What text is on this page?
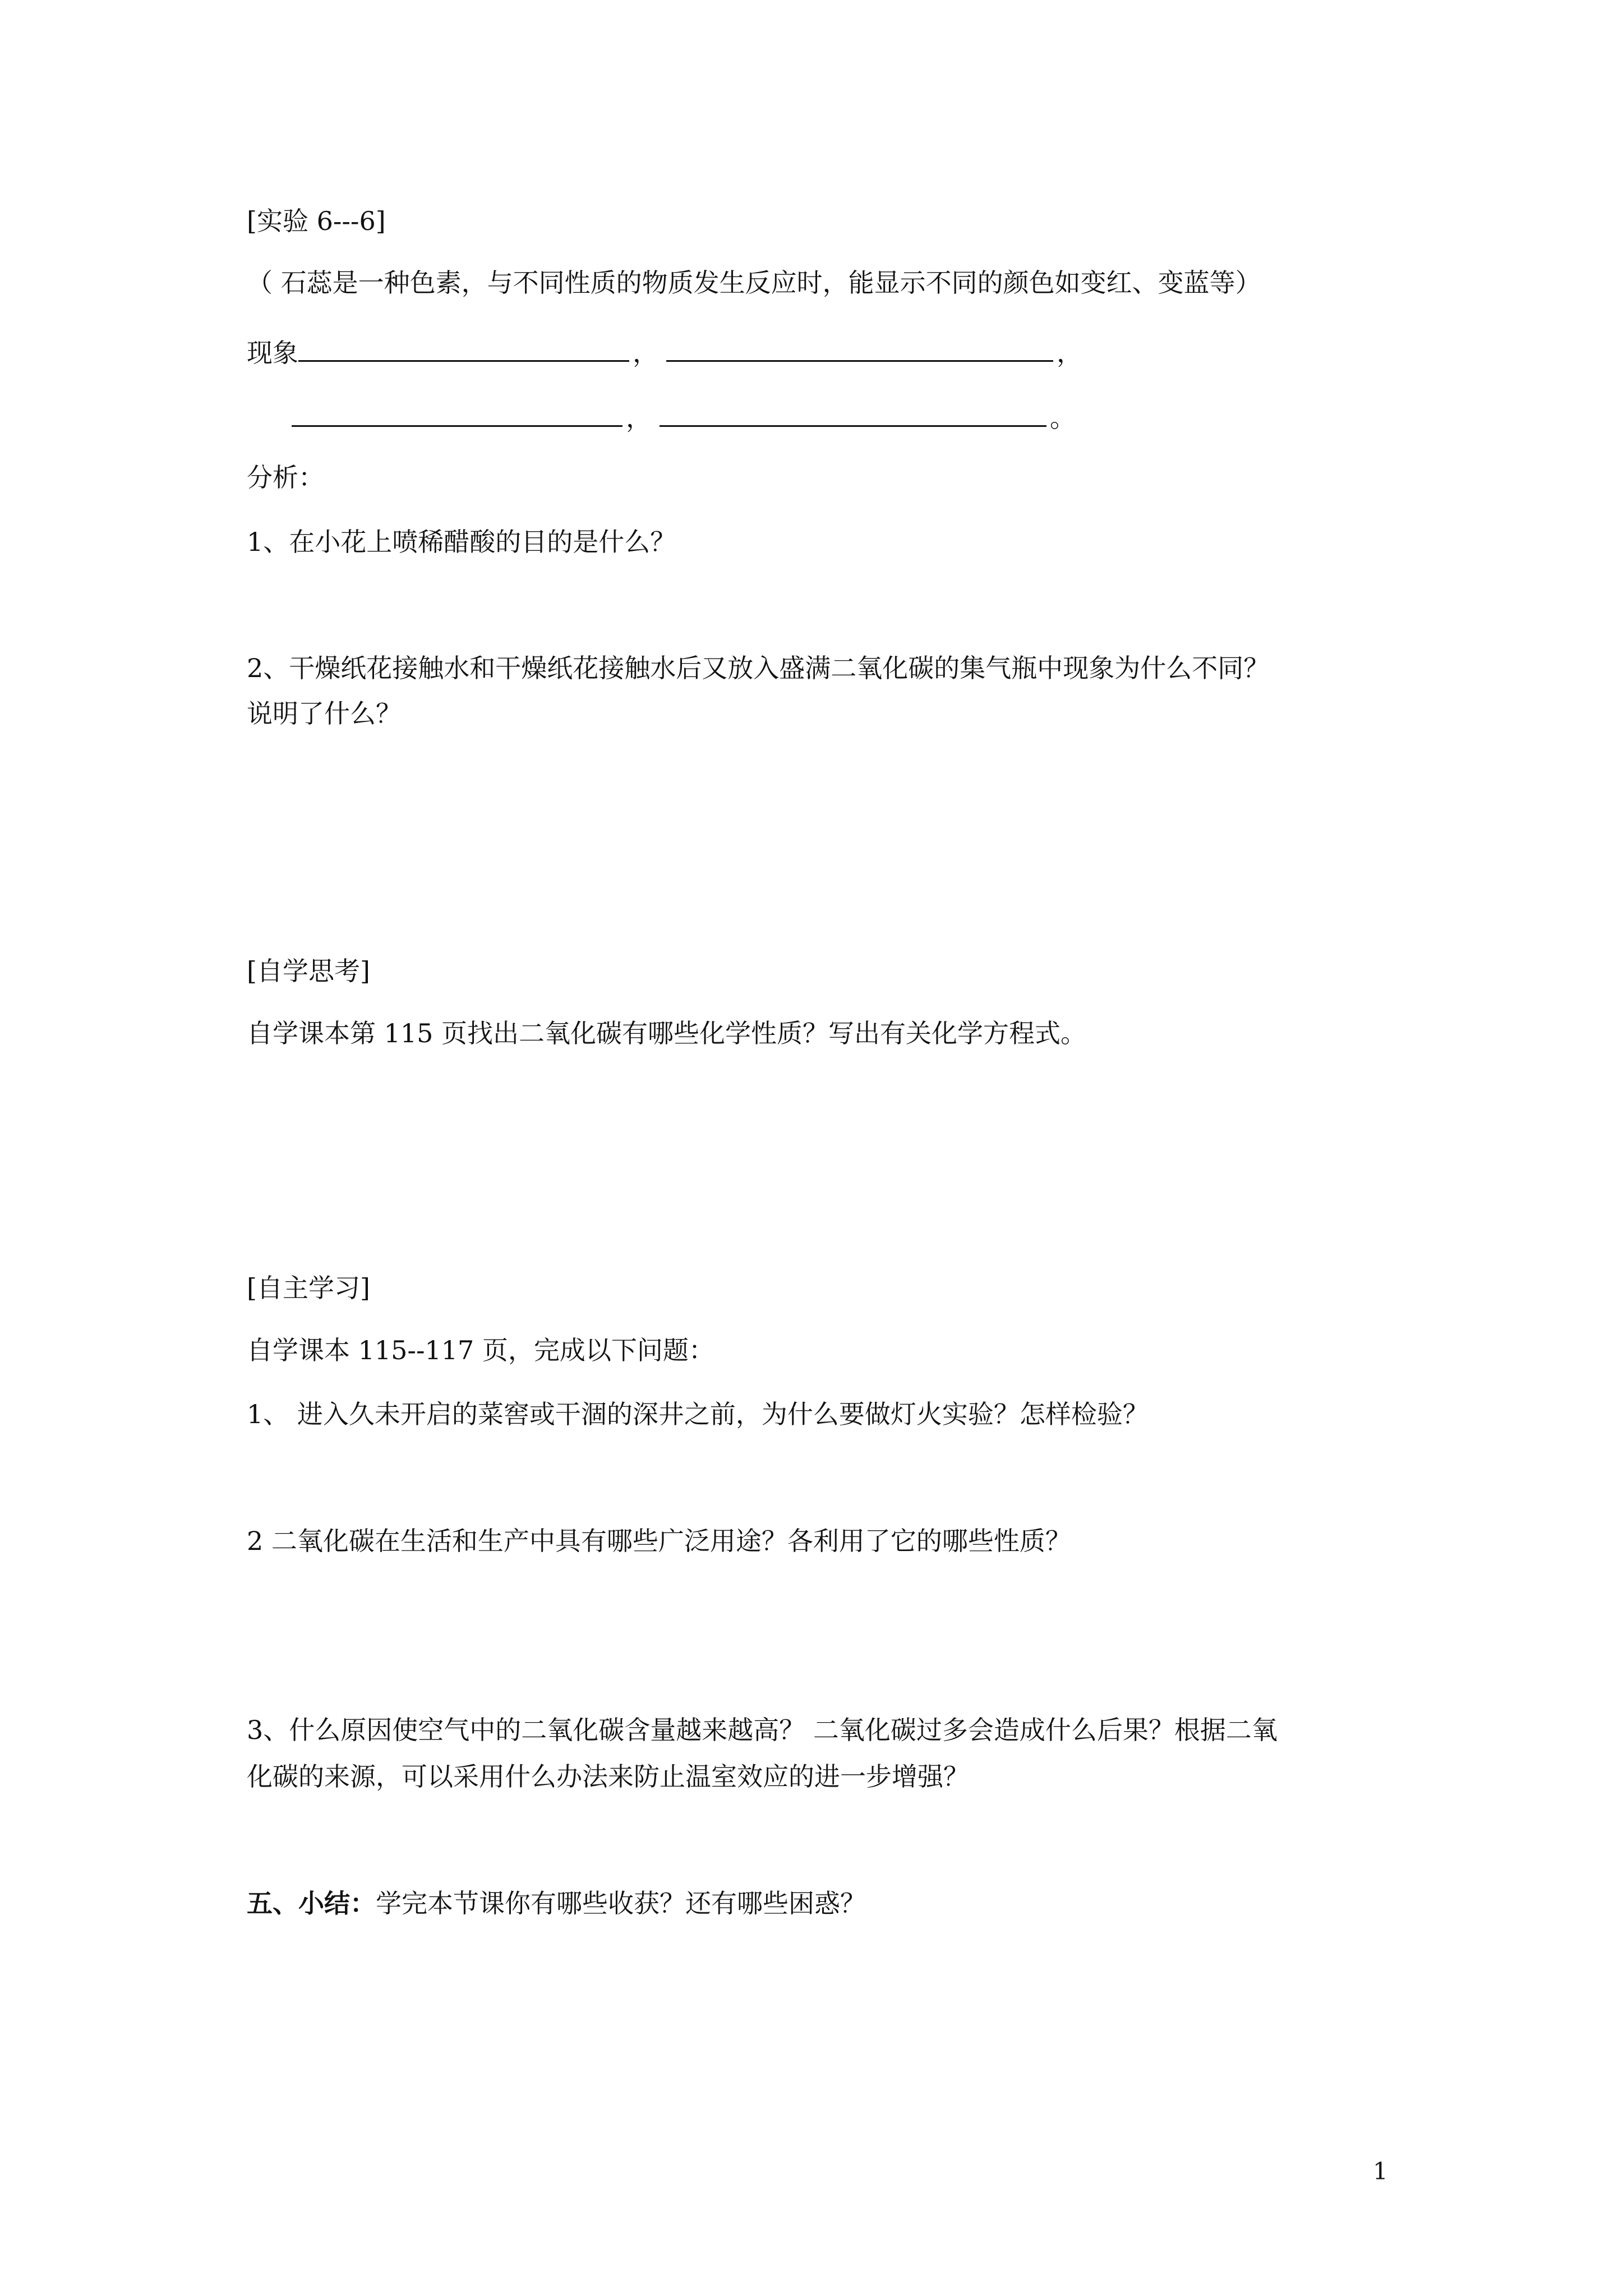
[实验 6---6]
（ 石蕊是一种色素，与不同性质的物质发生反应时，能显示不同的颜色如变红、变蓝等）
现象	，	，
，	。
分析：
1、在小花上喷稀醋酸的目的是什么？
2、干燥纸花接触水和干燥纸花接触水后又放入盛满二氧化碳的集气瓶中现象为什么不同？
说明了什么？
[自学思考]
自学课本第 115 页找出二氧化碳有哪些化学性质？写出有关化学方程式。
[自主学习]
自学课本 115--117 页，完成以下问题：
1、 进入久未开启的菜窖或干涸的深井之前，为什么要做灯火实验？怎样检验？
2 二氧化碳在生活和生产中具有哪些广泛用途？各利用了它的哪些性质？
3、什么原因使空气中的二氧化碳含量越来越高？ 二氧化碳过多会造成什么后果？根据二氧
化碳的来源，可以采用什么办法来防止温室效应的进一步增强？
五、小结：学完本节课你有哪些收获？还有哪些困惑？
1
